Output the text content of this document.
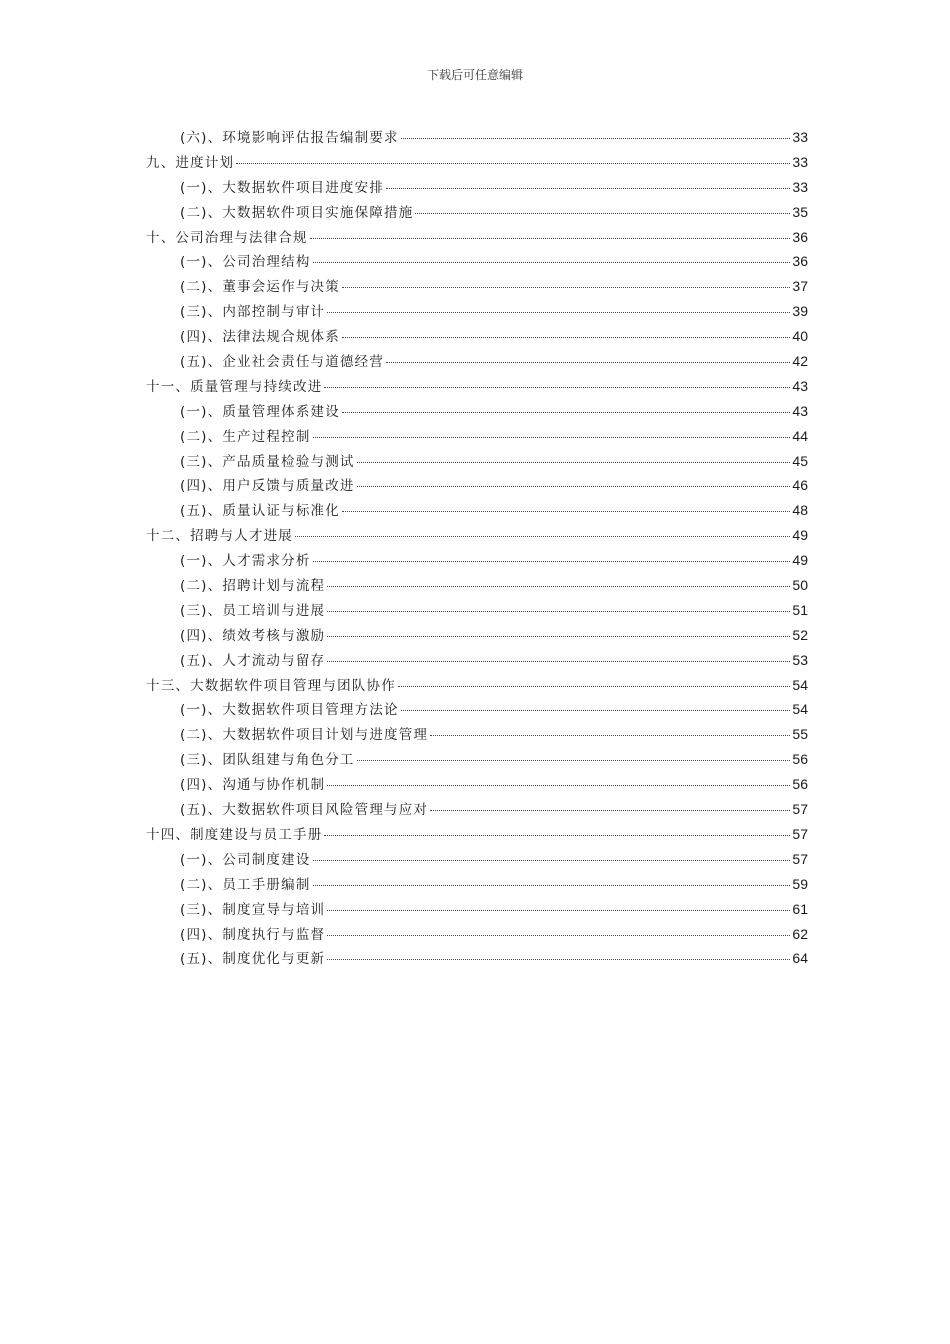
下载后可任意编辑
(六)、环境影响评估报告编制要求	33
九、进度计划	33
(一)、大数据软件项目进度安排	33
(二)、大数据软件项目实施保障措施	35
十、公司治理与法律合规	36
(一)、公司治理结构	36
(二)、董事会运作与决策	37
(三)、内部控制与审计	39
(四)、法律法规合规体系	40
(五)、企业社会责任与道德经营	42
十一、质量管理与持续改进	43
(一)、质量管理体系建设	43
(二)、生产过程控制	44
(三)、产品质量检验与测试	45
(四)、用户反馈与质量改进	46
(五)、质量认证与标准化	48
十二、招聘与人才进展	49
(一)、人才需求分析	49
(二)、招聘计划与流程	50
(三)、员工培训与进展	51
(四)、绩效考核与激励	52
(五)、人才流动与留存	53
十三、大数据软件项目管理与团队协作	54
(一)、大数据软件项目管理方法论	54
(二)、大数据软件项目计划与进度管理	55
(三)、团队组建与角色分工	56
(四)、沟通与协作机制	56
(五)、大数据软件项目风险管理与应对	57
十四、制度建设与员工手册	57
(一)、公司制度建设	57
(二)、员工手册编制	59
(三)、制度宣导与培训	61
(四)、制度执行与监督	62
(五)、制度优化与更新	64
